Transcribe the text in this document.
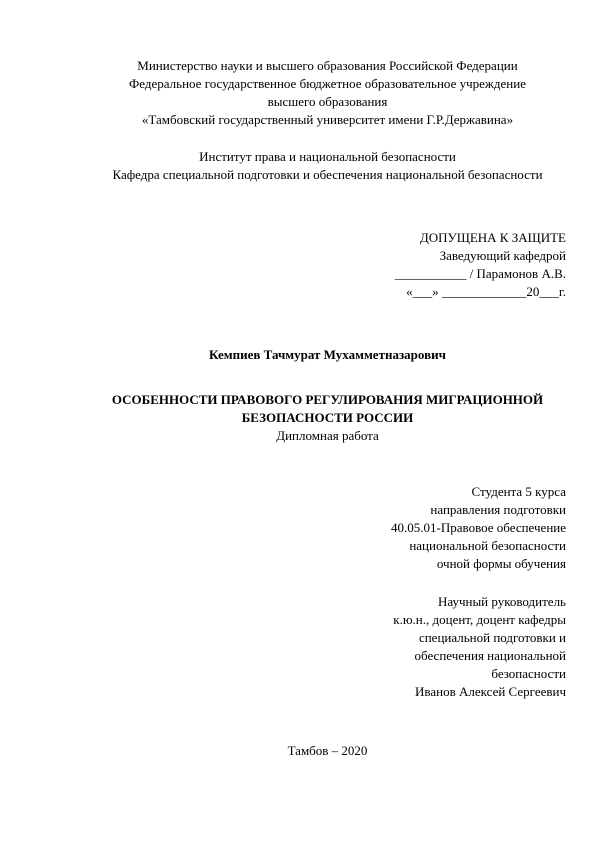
Министерство науки и высшего образования Российской Федерации
Федеральное государственное бюджетное образовательное учреждение
высшего образования
«Тамбовский государственный университет имени Г.Р.Державина»
Институт права и национальной безопасности
Кафедра специальной подготовки и обеспечения национальной безопасности
ДОПУЩЕНА К ЗАЩИТЕ
Заведующий кафедрой
___________ / Парамонов А.В.
«___» _____________20___г.
Кемпиев Тачмурат Мухамметназарович
ОСОБЕННОСТИ ПРАВОВОГО РЕГУЛИРОВАНИЯ МИГРАЦИОННОЙ
БЕЗОПАСНОСТИ РОССИИ
Дипломная работа
Студента 5 курса
направления подготовки
40.05.01-Правовое обеспечение
национальной безопасности
очной формы обучения
Научный руководитель
к.ю.н., доцент, доцент кафедры
специальной подготовки и
обеспечения национальной
безопасности
Иванов Алексей Сергеевич
Тамбов – 2020
